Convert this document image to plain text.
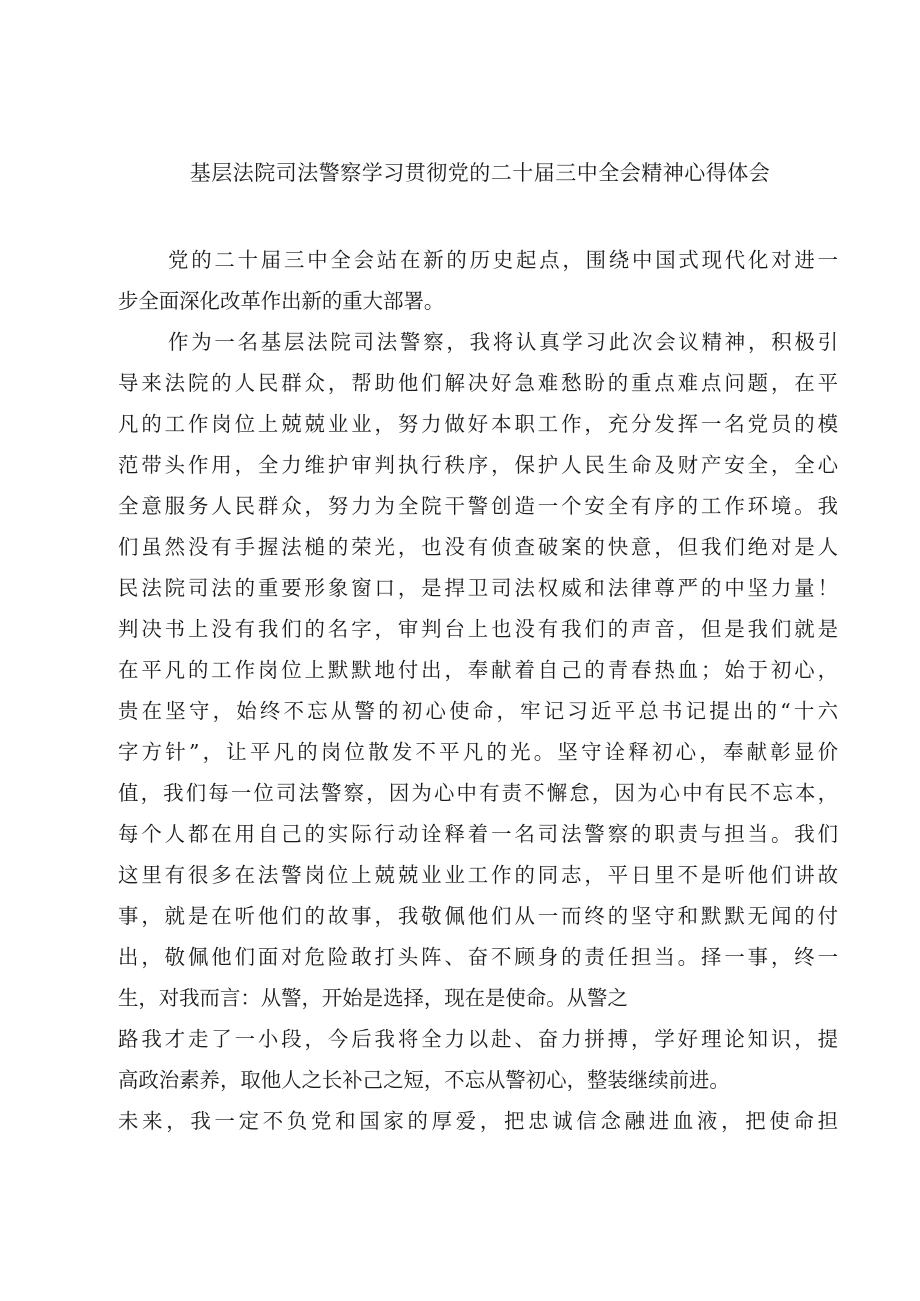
基层法院司法警察学习贯彻党的二十届三中全会精神心得体会
党的二十届三中全会站在新的历史起点，围绕中国式现代化对进一
步全面深化改革作出新的重大部署。
作为一名基层法院司法警察，我将认真学习此次会议精神，积极引
导来法院的人民群众，帮助他们解决好急难愁盼的重点难点问题，在平
凡的工作岗位上兢兢业业，努力做好本职工作，充分发挥一名党员的模
范带头作用，全力维护审判执行秩序，保护人民生命及财产安全，全心
全意服务人民群众，努力为全院干警创造一个安全有序的工作环境。我
们虽然没有手握法槌的荣光，也没有侦查破案的快意，但我们绝对是人
民法院司法的重要形象窗口，是捍卫司法权威和法律尊严的中坚力量！
判决书上没有我们的名字，审判台上也没有我们的声音，但是我们就是
在平凡的工作岗位上默默地付出，奉献着自己的青春热血；始于初心，
贵在坚守，始终不忘从警的初心使命，牢记习近平总书记提出的“十六
字方针”，让平凡的岗位散发不平凡的光。坚守诠释初心，奉献彰显价
值，我们每一位司法警察，因为心中有责不懈怠，因为心中有民不忘本，
每个人都在用自己的实际行动诠释着一名司法警察的职责与担当。我们
这里有很多在法警岗位上兢兢业业工作的同志，平日里不是听他们讲故
事，就是在听他们的故事，我敬佩他们从一而终的坚守和默默无闻的付
出，敬佩他们面对危险敢打头阵、奋不顾身的责任担当。择一事，终一
生，对我而言：从警，开始是选择，现在是使命。从警之
路我才走了一小段，今后我将全力以赴、奋力拼搏，学好理论知识，提
高政治素养，取他人之长补己之短，不忘从警初心，整装继续前进。
未来，我一定不负党和国家的厚爱，把忠诚信念融进血液，把使命担
